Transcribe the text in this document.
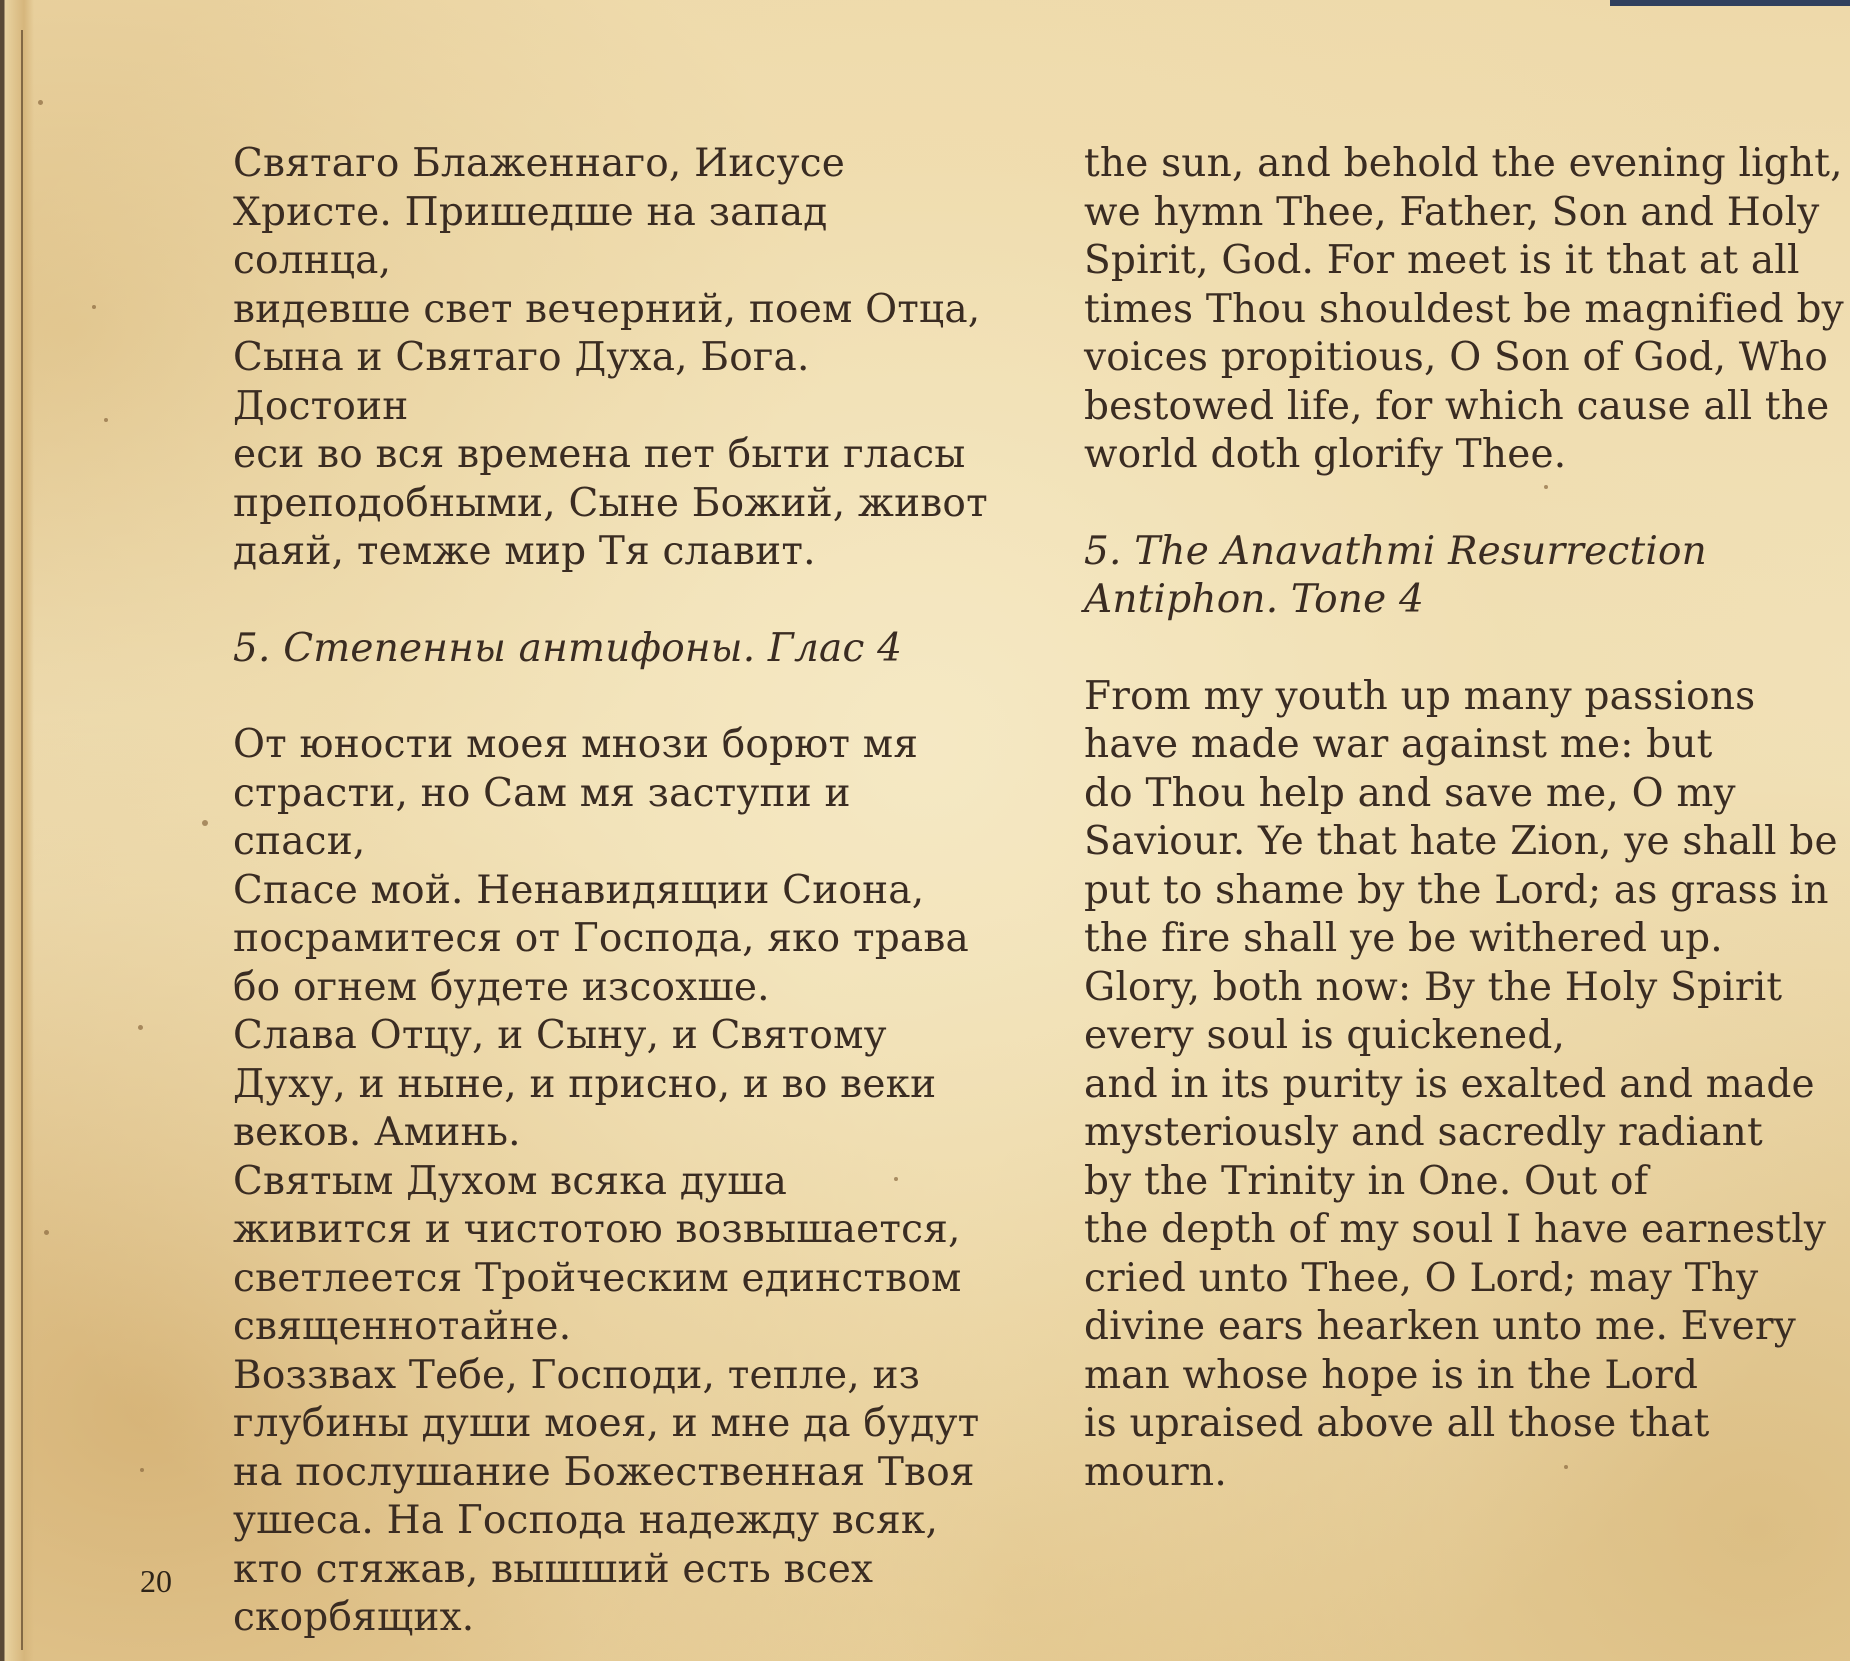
Святаго Блаженнаго, Иисусе
Христе. Пришедше на запад солнца,
видевше свет вечерний, поем Отца,
Сына и Святаго Духа, Бога. Достоин
еси во вся времена пет быти гласы
преподобными, Сыне Божий, живот
даяй, темже мир Тя славит.

5. Степенны антифоны. Глас 4

От юности моея мнози борют мя
страсти, но Сам мя заступи и спаси,
Спасе мой. Ненавидящии Сиона,
посрамитеся от Господа, яко трава
бо огнем будете изсохше.
Слава Отцу, и Сыну, и Святому
Духу, и ныне, и присно, и во веки
веков. Аминь.
Святым Духом всяка душа
живится и чистотою возвышается,
светлеется Тройческим единством
священнотайне.
Воззвах Тебе, Господи, тепле, из
глубины души моея, и мне да будут
на послушание Божественная Твоя
ушеса. На Господа надежду всяк,
кто стяжав, вышший есть всех
скорбящих.

the sun, and behold the evening light,
we hymn Thee, Father, Son and Holy
Spirit, God. For meet is it that at all
times Thou shouldest be magnified by
voices propitious, O Son of God, Who
bestowed life, for which cause all the
world doth glorify Thee.

5. The Anavathmi Resurrection
Antiphon. Tone 4

From my youth up many passions
have made war against me: but
do Thou help and save me, O my
Saviour. Ye that hate Zion, ye shall be
put to shame by the Lord; as grass in
the fire shall ye be withered up.
Glory, both now: By the Holy Spirit
every soul is quickened,
and in its purity is exalted and made
mysteriously and sacredly radiant
by the Trinity in One. Out of
the depth of my soul I have earnestly
cried unto Thee, O Lord; may Thy
divine ears hearken unto me. Every
man whose hope is in the Lord
is upraised above all those that
mourn.

20
